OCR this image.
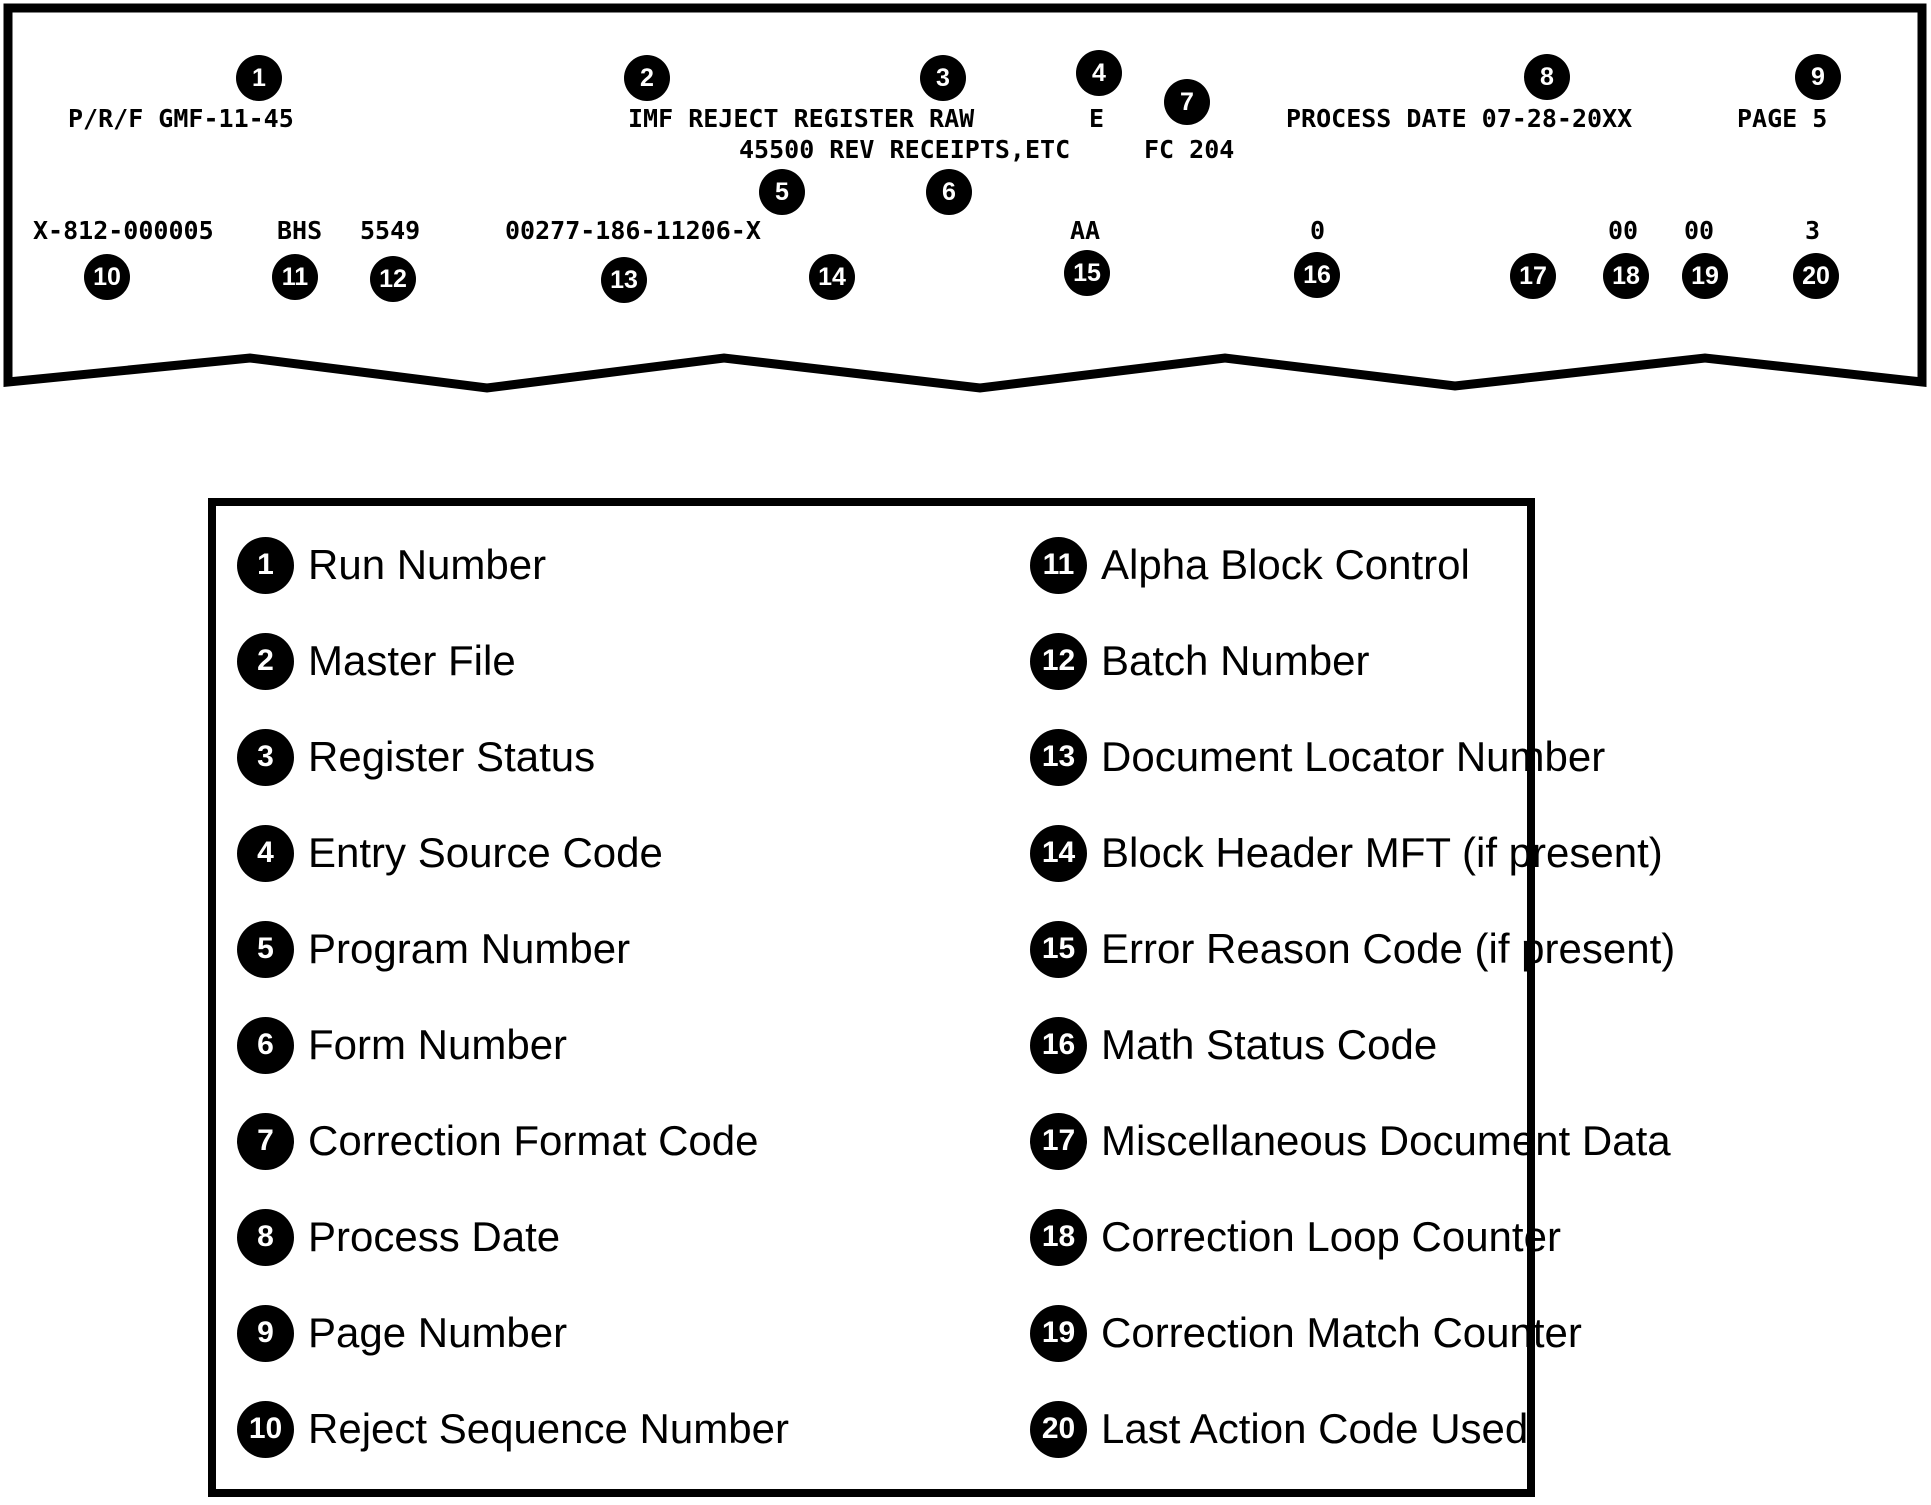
P/R/F GMF-11-45	IMF REJECT REGISTER RAW	E	PROCESS DATE 07-28-20XX	PAGE 5
45500 REV RECEIPTS,ETC	FC 204
X-812-000005	BHS 5549	00277-186-11206-X	AA	0	00 00	3
1	2	3	4
5	6
7
8	9
10	11	12	13	14	15	16	17	18	19	20
1 Run Number
2 Master File
3 Register Status
4 Entry Source Code
5 Program Number
6 Form Number
7 Correction Format Code
8 Process Date
9 Page Number
10 Reject Sequence Number
11 Alpha Block Control
12 Batch Number
13 Document Locator Number
14 Block Header MFT (if present)
15 Error Reason Code (if present)
16 Math Status Code
17 Miscellaneous Document Data
18 Correction Loop Counter
19 Correction Match Counter
20 Last Action Code Used
